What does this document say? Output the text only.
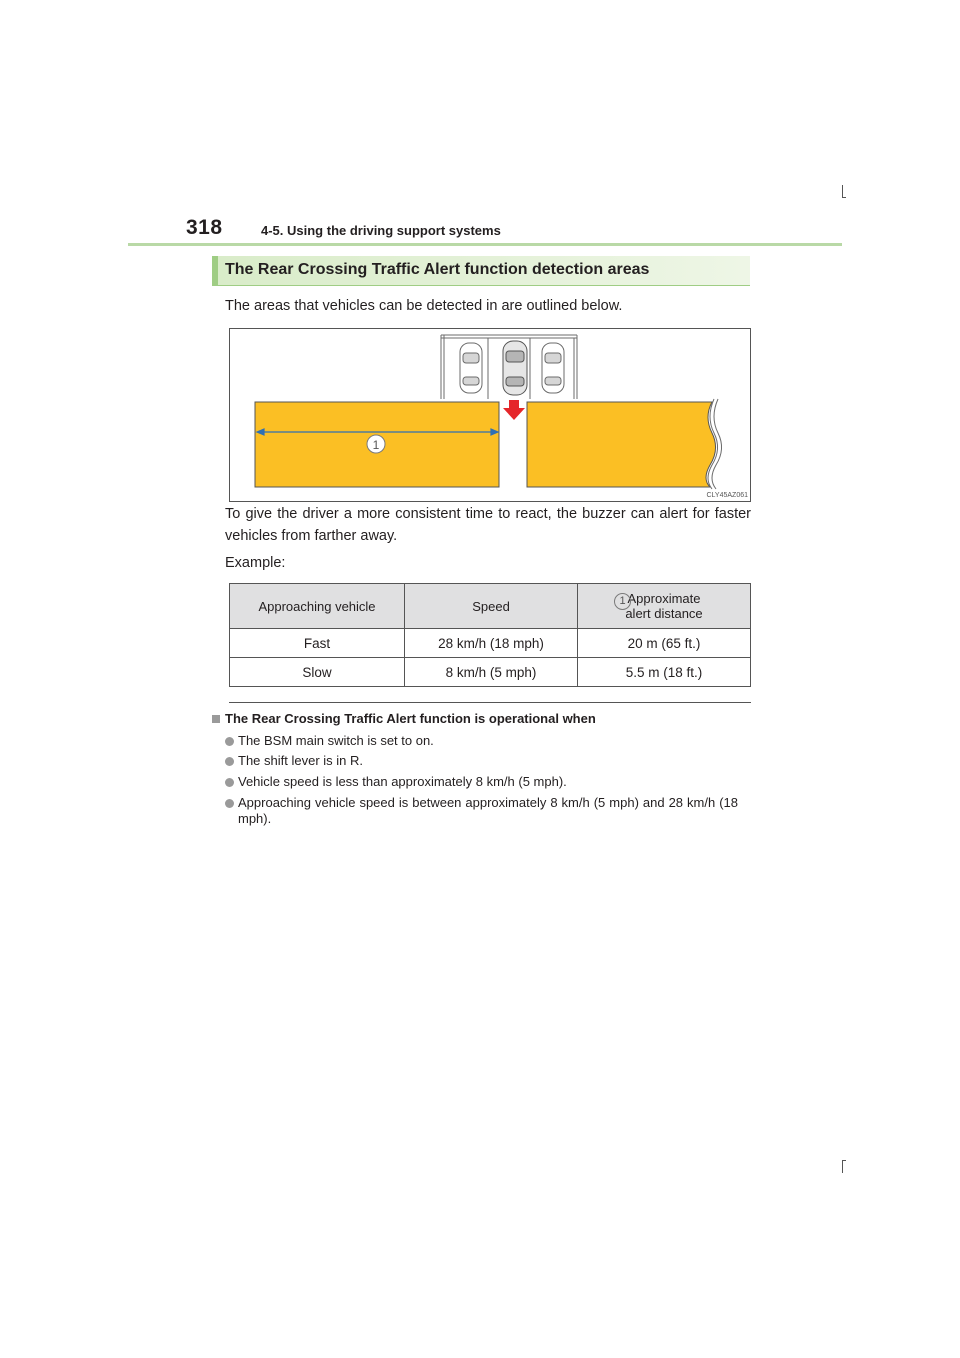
318	4-5. Using the driving support systems
The Rear Crossing Traffic Alert function detection areas
The areas that vehicles can be detected in are outlined below.
1
CLY45AZ061
To give the driver a more consistent time to react, the buzzer can alert for faster vehicles from farther away.
Example:
Approaching vehicle	Speed	1 Approximate
alert distance

Fast	28 km/h (18 mph)	20 m (65 ft.)
Slow	8 km/h (5 mph)	5.5 m (18 ft.)
The Rear Crossing Traffic Alert function is operational when
The BSM main switch is set to on.
The shift lever is in R.
Vehicle speed is less than approximately 8 km/h (5 mph).
Approaching vehicle speed is between approximately 8 km/h (5 mph) and 28 km/h (18 mph).
